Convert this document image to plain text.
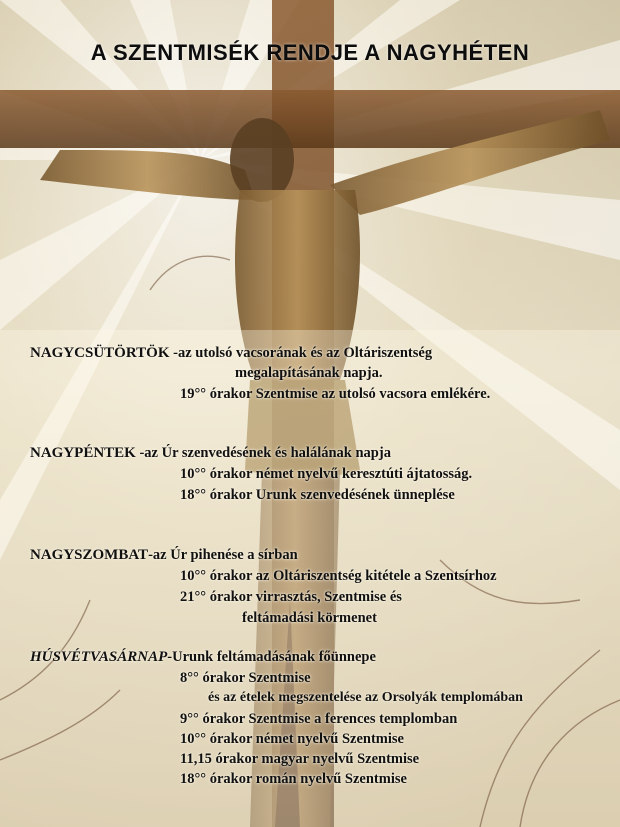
A SZENTMISÉK RENDJE A NAGYHÉTEN
NAGYCSÜTÖRTÖK -az utolsó vacsorának és az Oltáriszentség
megalapításának napja.
19°° órakor Szentmise az utolsó vacsora emlékére.
NAGYPÉNTEK -az Úr szenvedésének és halálának napja
10°° órakor német nyelvű keresztúti ájtatosság.
18°° órakor Urunk szenvedésének ünneplése
NAGYSZOMBAT-az Úr pihenése a sírban
10°° órakor az Oltáriszentség kitétele a Szentsírhoz
21°° órakor virrasztás, Szentmise és
feltámadási körmenet
HÚSVÉTVASÁRNAP-Urunk feltámadásának főünnepe
8°° órakor Szentmise
és az ételek megszentelése az Orsolyák templomában
9°° órakor Szentmise a ferences templomban
10°° órakor német nyelvű Szentmise
11,15 órakor magyar nyelvű Szentmise
18°° órakor román nyelvű Szentmise
